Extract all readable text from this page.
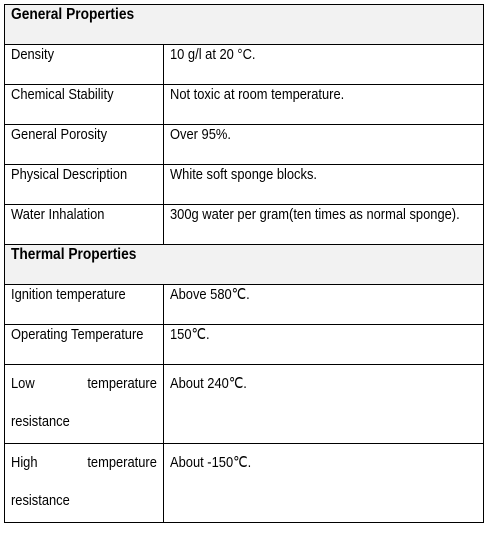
General Properties	
Density	10 g/l at 20 °C.
Chemical Stability	Not toxic at room temperature.
General Porosity	Over 95%.
Physical Description	White soft sponge blocks.
Water Inhalation	300g water per gram(ten times as normal sponge).
Thermal Properties	
Ignition temperature	Above 580℃.
Operating Temperature	150℃.

Low temperature
resistance	About 240℃.

High temperature
resistance	About -150℃.
